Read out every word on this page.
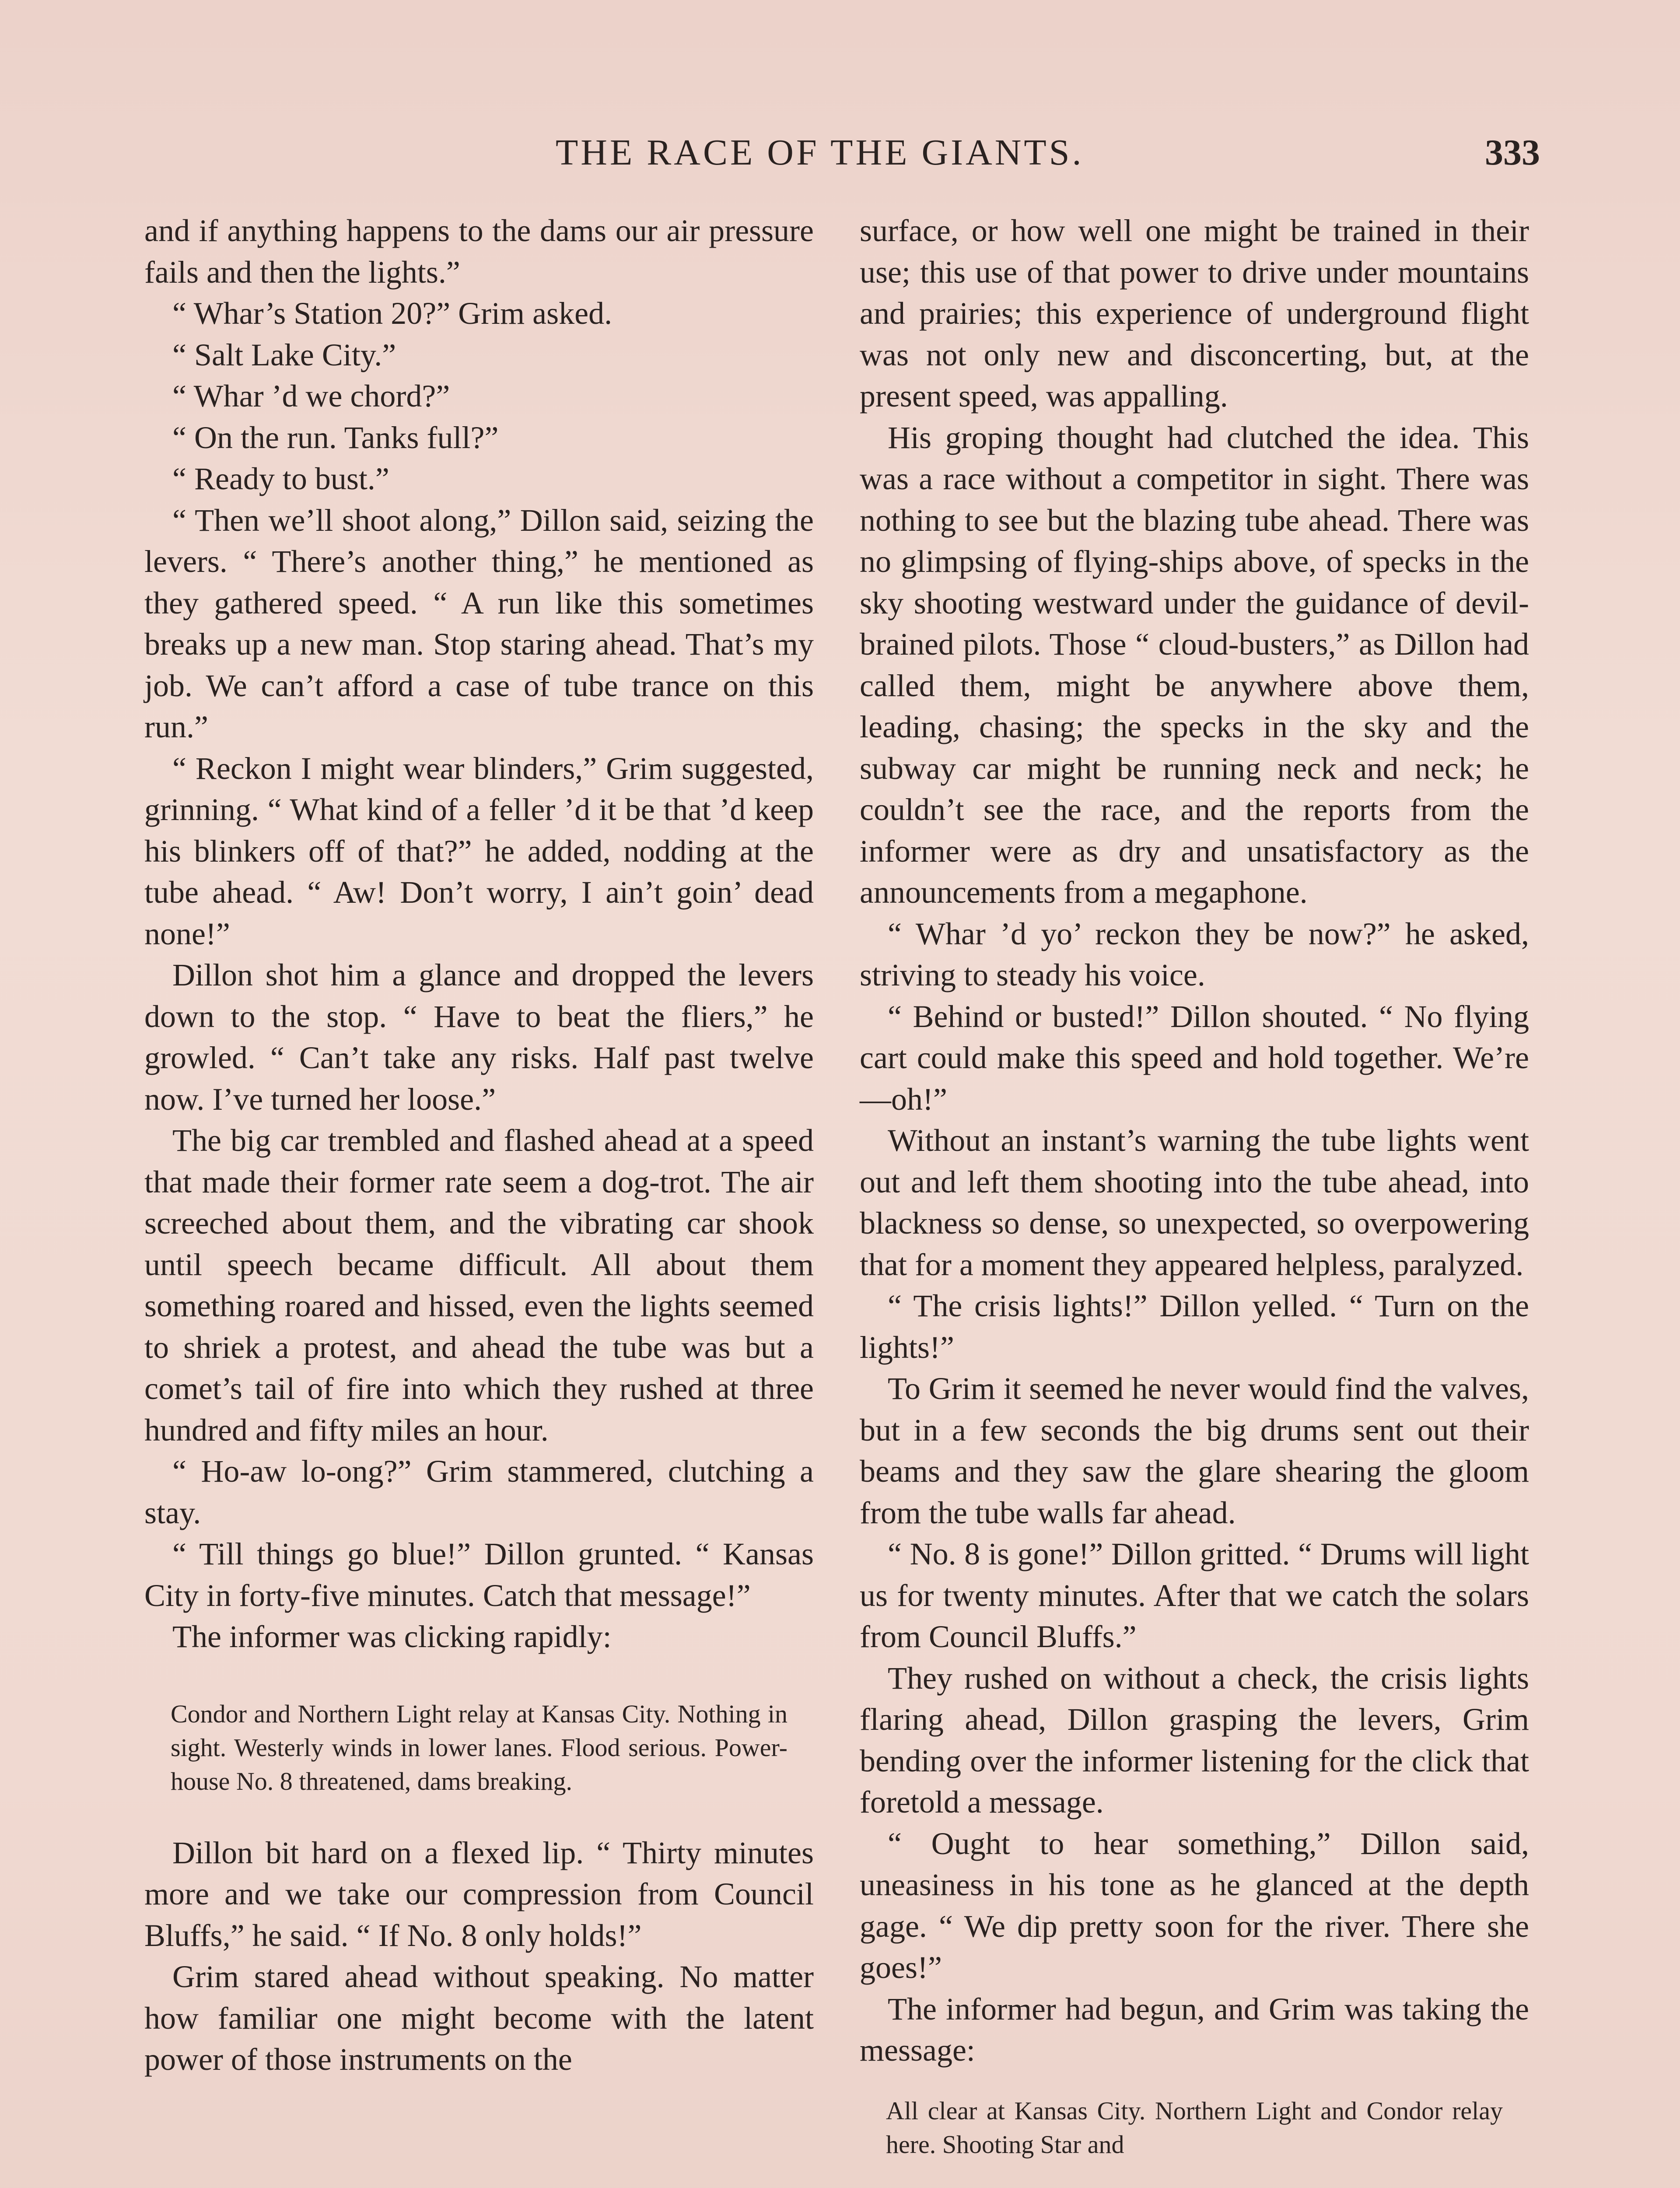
THE RACE OF THE GIANTS.	333

and if anything happens to the dams our air pressure fails and then the lights.”

“ Whar’s Station 20?” Grim asked.

“ Salt Lake City.”

“ Whar ’d we chord?”

“ On the run. Tanks full?”

“ Ready to bust.”

“ Then we’ll shoot along,” Dillon said, seizing the levers. “ There’s another thing,” he mentioned as they gathered speed. “ A run like this sometimes breaks up a new man. Stop staring ahead. That’s my job. We can’t afford a case of tube trance on this run.”

“ Reckon I might wear blinders,” Grim suggested, grinning. “ What kind of a feller ’d it be that ’d keep his blinkers off of that?” he added, nodding at the tube ahead. “ Aw! Don’t worry, I ain’t goin’ dead none!”

Dillon shot him a glance and dropped the levers down to the stop. “ Have to beat the fliers,” he growled. “ Can’t take any risks. Half past twelve now. I’ve turned her loose.”

The big car trembled and flashed ahead at a speed that made their former rate seem a dog-trot. The air screeched about them, and the vibrating car shook until speech became difficult. All about them something roared and hissed, even the lights seemed to shriek a protest, and ahead the tube was but a comet’s tail of fire into which they rushed at three hundred and fifty miles an hour.

“ Ho-aw lo-ong?” Grim stammered, clutching a stay.

“ Till things go blue!” Dillon grunted. “ Kansas City in forty-five minutes. Catch that message!”

The informer was clicking rapidly:

Condor and Northern Light relay at Kansas City. Nothing in sight. Westerly winds in lower lanes. Flood serious. Power-house No. 8 threatened, dams breaking.

Dillon bit hard on a flexed lip. “ Thirty minutes more and we take our compression from Council Bluffs,” he said. “ If No. 8 only holds!”

Grim stared ahead without speaking. No matter how familiar one might become with the latent power of those instruments on the

surface, or how well one might be trained in their use; this use of that power to drive under mountains and prairies; this experience of underground flight was not only new and disconcerting, but, at the present speed, was appalling.

His groping thought had clutched the idea. This was a race without a competitor in sight. There was nothing to see but the blazing tube ahead. There was no glimpsing of flying-ships above, of specks in the sky shooting westward under the guidance of devil-brained pilots. Those “ cloud-busters,” as Dillon had called them, might be anywhere above them, leading, chasing; the specks in the sky and the subway car might be running neck and neck; he couldn’t see the race, and the reports from the informer were as dry and unsatisfactory as the announcements from a megaphone.

“ Whar ’d yo’ reckon they be now?” he asked, striving to steady his voice.

“ Behind or busted!” Dillon shouted. “ No flying cart could make this speed and hold together. We’re—oh!”

Without an instant’s warning the tube lights went out and left them shooting into the tube ahead, into blackness so dense, so unexpected, so overpowering that for a moment they appeared helpless, paralyzed.

“ The crisis lights!” Dillon yelled. “ Turn on the lights!”

To Grim it seemed he never would find the valves, but in a few seconds the big drums sent out their beams and they saw the glare shearing the gloom from the tube walls far ahead.

“ No. 8 is gone!” Dillon gritted. “ Drums will light us for twenty minutes. After that we catch the solars from Council Bluffs.”

They rushed on without a check, the crisis lights flaring ahead, Dillon grasping the levers, Grim bending over the informer listening for the click that foretold a message.

“ Ought to hear something,” Dillon said, uneasiness in his tone as he glanced at the depth gage. “ We dip pretty soon for the river. There she goes!”

The informer had begun, and Grim was taking the message:

All clear at Kansas City. Northern Light and Condor relay here. Shooting Star and
